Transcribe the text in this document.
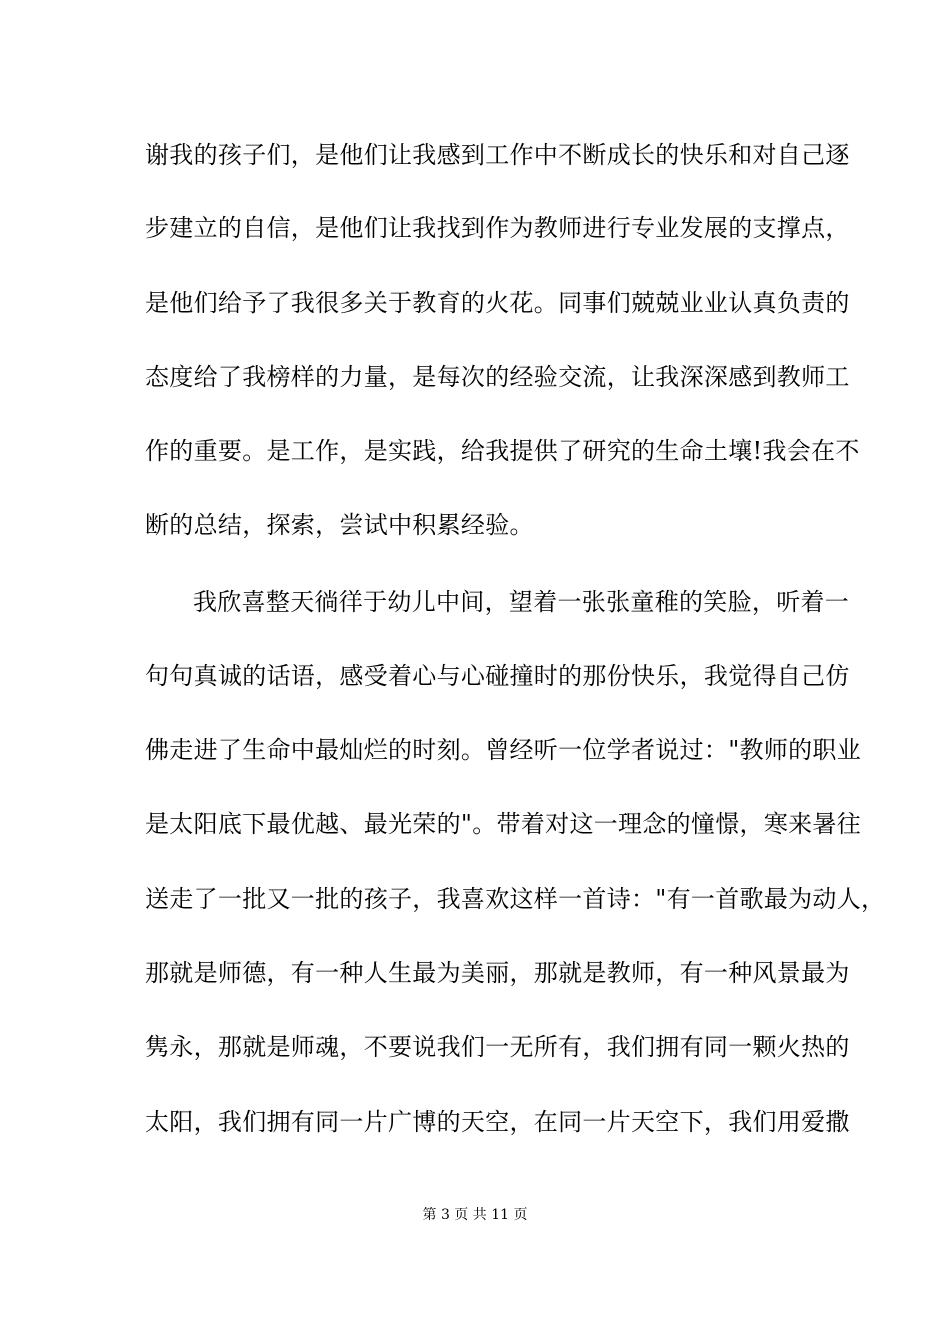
谢我的孩子们，是他们让我感到工作中不断成长的快乐和对自己逐
步建立的自信，是他们让我找到作为教师进行专业发展的支撑点，
是他们给予了我很多关于教育的火花。同事们兢兢业业认真负责的
态度给了我榜样的力量，是每次的经验交流，让我深深感到教师工
作的重要。是工作，是实践，给我提供了研究的生命土壤!我会在不
断的总结，探索，尝试中积累经验。
我欣喜整天徜徉于幼儿中间，望着一张张童稚的笑脸，听着一
句句真诚的话语，感受着心与心碰撞时的那份快乐，我觉得自己仿
佛走进了生命中最灿烂的时刻。曾经听一位学者说过："教师的职业
是太阳底下最优越、最光荣的"。带着对这一理念的憧憬，寒来暑往
送走了一批又一批的孩子，我喜欢这样一首诗："有一首歌最为动人，
那就是师德，有一种人生最为美丽，那就是教师，有一种风景最为
隽永，那就是师魂，不要说我们一无所有，我们拥有同一颗火热的
太阳，我们拥有同一片广博的天空，在同一片天空下，我们用爱撒
第 3 页 共 11 页
